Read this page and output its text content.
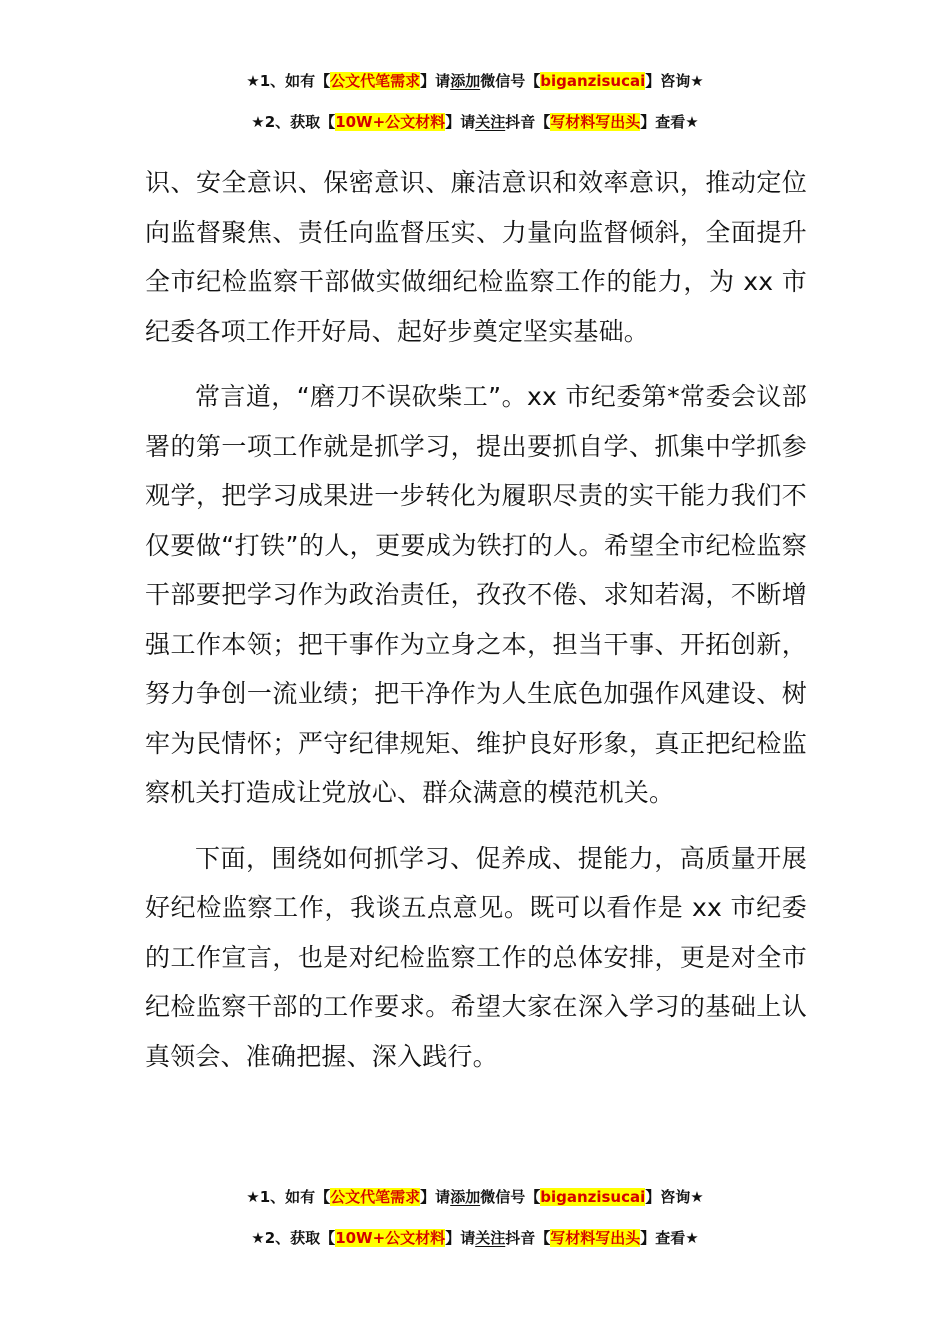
★1、如有【公文代笔需求】请添加微信号【biganzisucai】咨询★
★2、获取【10W+公文材料】请关注抖音【写材料写出头】查看★

识、安全意识、保密意识、廉洁意识和效率意识，推动定位向监督聚焦、责任向监督压实、力量向监督倾斜，全面提升全市纪检监察干部做实做细纪检监察工作的能力，为 xx 市纪委各项工作开好局、起好步奠定坚实基础。

常言道，“磨刀不误砍柴工”。xx 市纪委第*常委会议部署的第一项工作就是抓学习，提出要抓自学、抓集中学抓参观学，把学习成果进一步转化为履职尽责的实干能力我们不仅要做“打铁”的人，更要成为铁打的人。希望全市纪检监察干部要把学习作为政治责任，孜孜不倦、求知若渴，不断增强工作本领；把干事作为立身之本，担当干事、开拓创新，努力争创一流业绩；把干净作为人生底色加强作风建设、树牢为民情怀；严守纪律规矩、维护良好形象，真正把纪检监察机关打造成让党放心、群众满意的模范机关。

下面，围绕如何抓学习、促养成、提能力，高质量开展好纪检监察工作，我谈五点意见。既可以看作是 xx 市纪委的工作宣言，也是对纪检监察工作的总体安排，更是对全市纪检监察干部的工作要求。希望大家在深入学习的基础上认真领会、准确把握、深入践行。

★1、如有【公文代笔需求】请添加微信号【biganzisucai】咨询★
★2、获取【10W+公文材料】请关注抖音【写材料写出头】查看★
